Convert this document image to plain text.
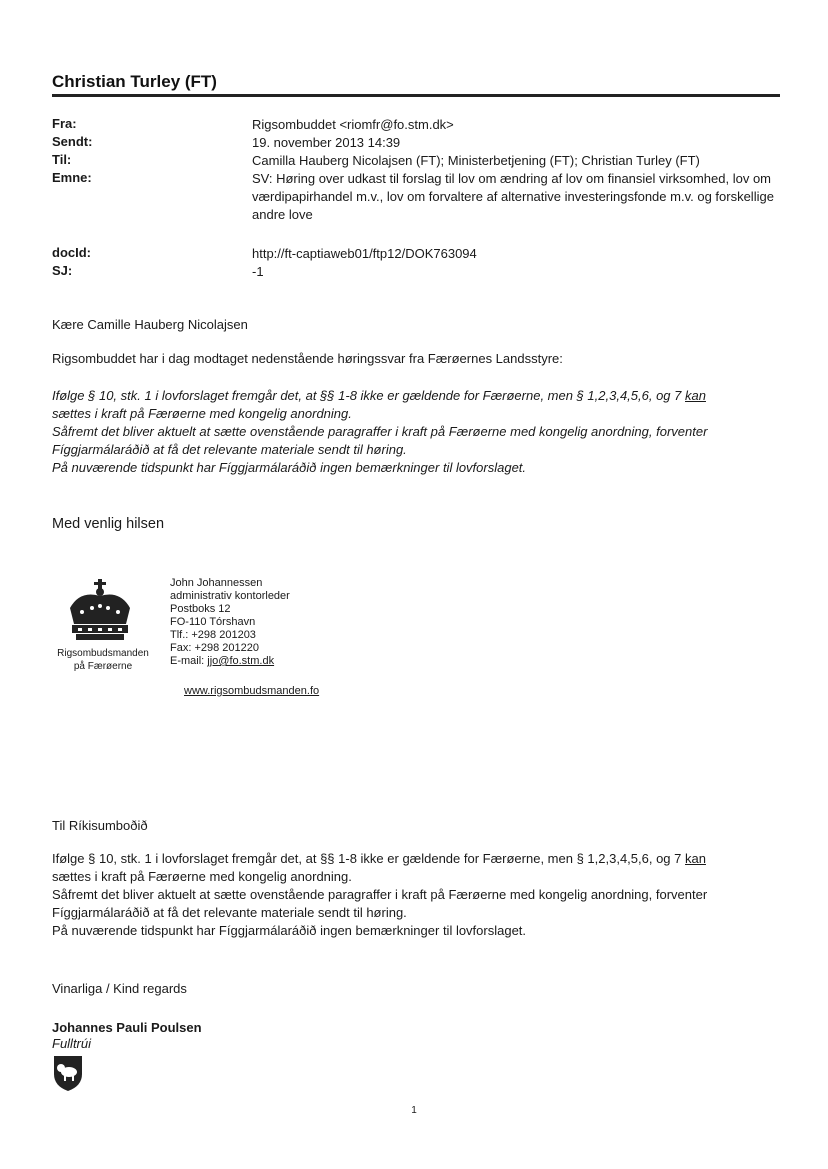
Christian Turley (FT)
Fra:	Rigsombuddet <riomfr@fo.stm.dk>
Sendt:	19. november 2013 14:39
Til:	Camilla Hauberg Nicolajsen (FT); Ministerbetjening (FT); Christian Turley (FT)
Emne:	SV: Høring over udkast til forslag til lov om ændring af lov om finansiel virksomhed, lov om værdipapirhandel m.v., lov om forvaltere af alternative investeringsfonde m.v. og forskellige andre love
docId:	http://ft-captiaweb01/ftp12/DOK763094
SJ:	-1
Kære Camille Hauberg Nicolajsen
Rigsombuddet har i dag modtaget nedenstående høringssvar fra Færøernes Landsstyre:
Ifølge § 10, stk. 1 i lovforslaget fremgår det, at §§ 1-8 ikke er gældende for Færøerne, men § 1,2,3,4,5,6, og 7 kan
sættes i kraft på Færøerne med kongelig anordning.
Såfremt det bliver aktuelt at sætte ovenstående paragraffer i kraft på Færøerne med kongelig anordning, forventer Fíggjarmálaráðið at få det relevante materiale sendt til høring.
På nuværende tidspunkt har Fíggjarmálaráðið ingen bemærkninger til lovforslaget.
Med venlig hilsen
Rigsombudsmanden
på Færøerne
John Johannessen
administrativ kontorleder
Postboks 12
FO-110 Tórshavn
Tlf.: +298 201203
Fax: +298 201220
E-mail: jjo@fo.stm.dk
www.rigsombudsmanden.fo
Til Ríkisumboðið
Ifølge § 10, stk. 1 i lovforslaget fremgår det, at §§ 1-8 ikke er gældende for Færøerne, men § 1,2,3,4,5,6, og 7 kan
sættes i kraft på Færøerne med kongelig anordning.
Såfremt det bliver aktuelt at sætte ovenstående paragraffer i kraft på Færøerne med kongelig anordning, forventer Fíggjarmálaráðið at få det relevante materiale sendt til høring.
På nuværende tidspunkt har Fíggjarmálaráðið ingen bemærkninger til lovforslaget.
Vinarliga / Kind regards
Johannes Pauli Poulsen
Fulltrúi
1
